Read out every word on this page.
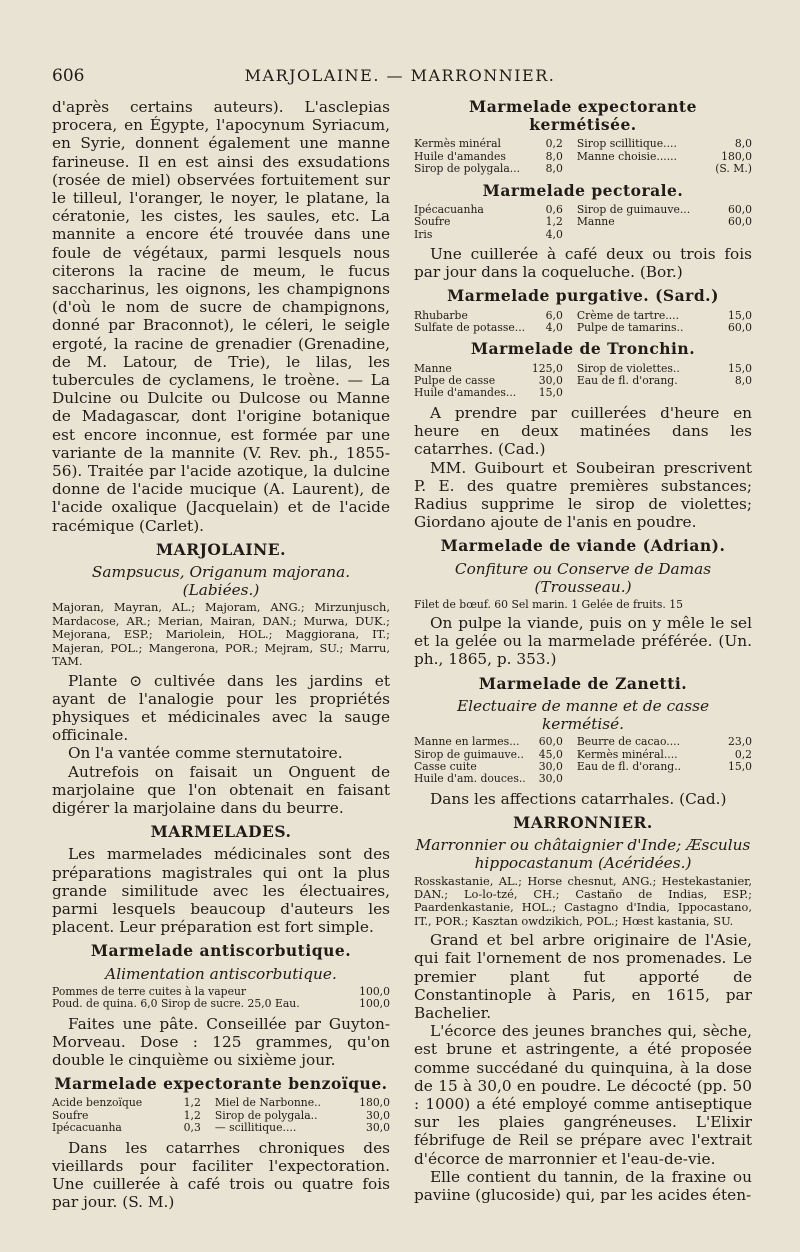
606	MARJOLAINE. — MARRONNIER.

d'après certains auteurs). L'asclepias procera, en Égypte, l'apocynum Syriacum, en Syrie, donnent également une manne farineuse. Il en est ainsi des exsudations (rosée de miel) observées fortuitement sur le tilleul, l'oranger, le noyer, le platane, la cératonie, les cistes, les saules, etc. La mannite a encore été trouvée dans une foule de végétaux, parmi lesquels nous citerons la racine de meum, le fucus saccharinus, les oignons, les champignons (d'où le nom de sucre de champignons, donné par Braconnot), le céleri, le seigle ergoté, la racine de grenadier (Grenadine, de M. Latour, de Trie), le lilas, les tubercules de cyclamens, le troène. — La Dulcine ou Dulcite ou Dulcose ou Manne de Madagascar, dont l'origine botanique est encore inconnue, est formée par une variante de la mannite (V. Rev. ph., 1855-56). Traitée par l'acide azotique, la dulcine donne de l'acide mucique (A. Laurent), de l'acide oxalique (Jacquelain) et de l'acide racémique (Carlet).

MARJOLAINE.

Sampsucus, Origanum majorana. (Labiées.)

Majoran, Mayran, AL.; Majoram, ANG.; Mirzunjusch, Mardacose, AR.; Merian, Mairan, DAN.; Murwa, DUK.; Mejorana, ESP.; Mariolein, HOL.; Maggiorana, IT.; Majeran, POL.; Mangerona, POR.; Mejram, SU.; Marru, TAM.

Plante ⊙ cultivée dans les jardins et ayant de l'analogie pour les propriétés physiques et médicinales avec la sauge officinale.

On l'a vantée comme sternutatoire.

Autrefois on faisait un Onguent de marjolaine que l'on obtenait en faisant digérer la marjolaine dans du beurre.

MARMELADES.

Les marmelades médicinales sont des préparations magistrales qui ont la plus grande similitude avec les électuaires, parmi lesquels beaucoup d'auteurs les placent. Leur préparation est fort simple.

Marmelade antiscorbutique.

Alimentation antiscorbutique.

Pommes de terre cuites à la vapeur	100,0
Poud. de quina. 6,0 Sirop de sucre. 25,0 Eau.	100,0

Faites une pâte. Conseillée par Guyton-Morveau. Dose : 125 grammes, qu'on double le cinquième ou sixième jour.

Marmelade expectorante benzoïque.
Acide benzoïque	1,2	Miel de Narbonne..	180,0
Soufre	1,2	Sirop de polygala..	30,0
Ipécacuanha	0,3	— scillitique....	30,0

Dans les catarrhes chroniques des vieillards pour faciliter l'expectoration. Une cuillerée à café trois ou quatre fois par jour. (S. M.)

Marmelade expectorante kermétisée.
Kermès minéral	0,2	Sirop scillitique....	8,0
Huile d'amandes	8,0	Manne choisie......	180,0
Sirop de polygala...	8,0		(S. M.)
Marmelade pectorale.
Ipécacuanha	0,6	Sirop de guimauve...	60,0
Soufre	1,2	Manne	60,0
Iris	4,0		

Une cuillerée à café deux ou trois fois par jour dans la coqueluche. (Bor.)

Marmelade purgative. (Sard.)
Rhubarbe	6,0	Crème de tartre....	15,0
Sulfate de potasse...	4,0	Pulpe de tamarins..	60,0
Marmelade de Tronchin.
Manne	125,0	Sirop de violettes..	15,0
Pulpe de casse	30,0	Eau de fl. d'orang.	8,0
Huile d'amandes...	15,0		

A prendre par cuillerées d'heure en heure en deux matinées dans les catarrhes. (Cad.)

MM. Guibourt et Soubeiran prescrivent P. E. des quatre premières substances; Radius supprime le sirop de violettes; Giordano ajoute de l'anis en poudre.

Marmelade de viande (Adrian).

Confiture ou Conserve de Damas (Trousseau.)

Filet de bœuf. 60 Sel marin. 1 Gelée de fruits. 15

On pulpe la viande, puis on y mêle le sel et la gelée ou la marmelade préférée. (Un. ph., 1865, p. 353.)

Marmelade de Zanetti.

Electuaire de manne et de casse kermétisé.

Manne en larmes...	60,0	Beurre de cacao....	23,0
Sirop de guimauve..	45,0	Kermès minéral....	0,2
Casse cuite	30,0	Eau de fl. d'orang..	15,0
Huile d'am. douces..	30,0		

Dans les affections catarrhales. (Cad.)

MARRONNIER.

Marronnier ou châtaignier d'Inde; Æsculus hippocastanum (Acéridées.)

Rosskastanie, AL.; Horse chesnut, ANG.; Hestekastanier, DAN.; Lo-lo-tzé, CH.; Castaño de Indias, ESP.; Paardenkastanie, HOL.; Castagno d'India, Ippocastano, IT., POR.; Kasztan owdzikich, POL.; Hœst kastania, SU.

Grand et bel arbre originaire de l'Asie, qui fait l'ornement de nos promenades. Le premier plant fut apporté de Constantinople à Paris, en 1615, par Bachelier.

L'écorce des jeunes branches qui, sèche, est brune et astringente, a été proposée comme succédané du quinquina, à la dose de 15 à 30,0 en poudre. Le décocté (pp. 50 : 1000) a été employé comme antiseptique sur les plaies gangréneuses. L'Elixir fébrifuge de Reil se prépare avec l'extrait d'écorce de marronnier et l'eau-de-vie.

Elle contient du tannin, de la fraxine ou paviine (glucoside) qui, par les acides éten-
